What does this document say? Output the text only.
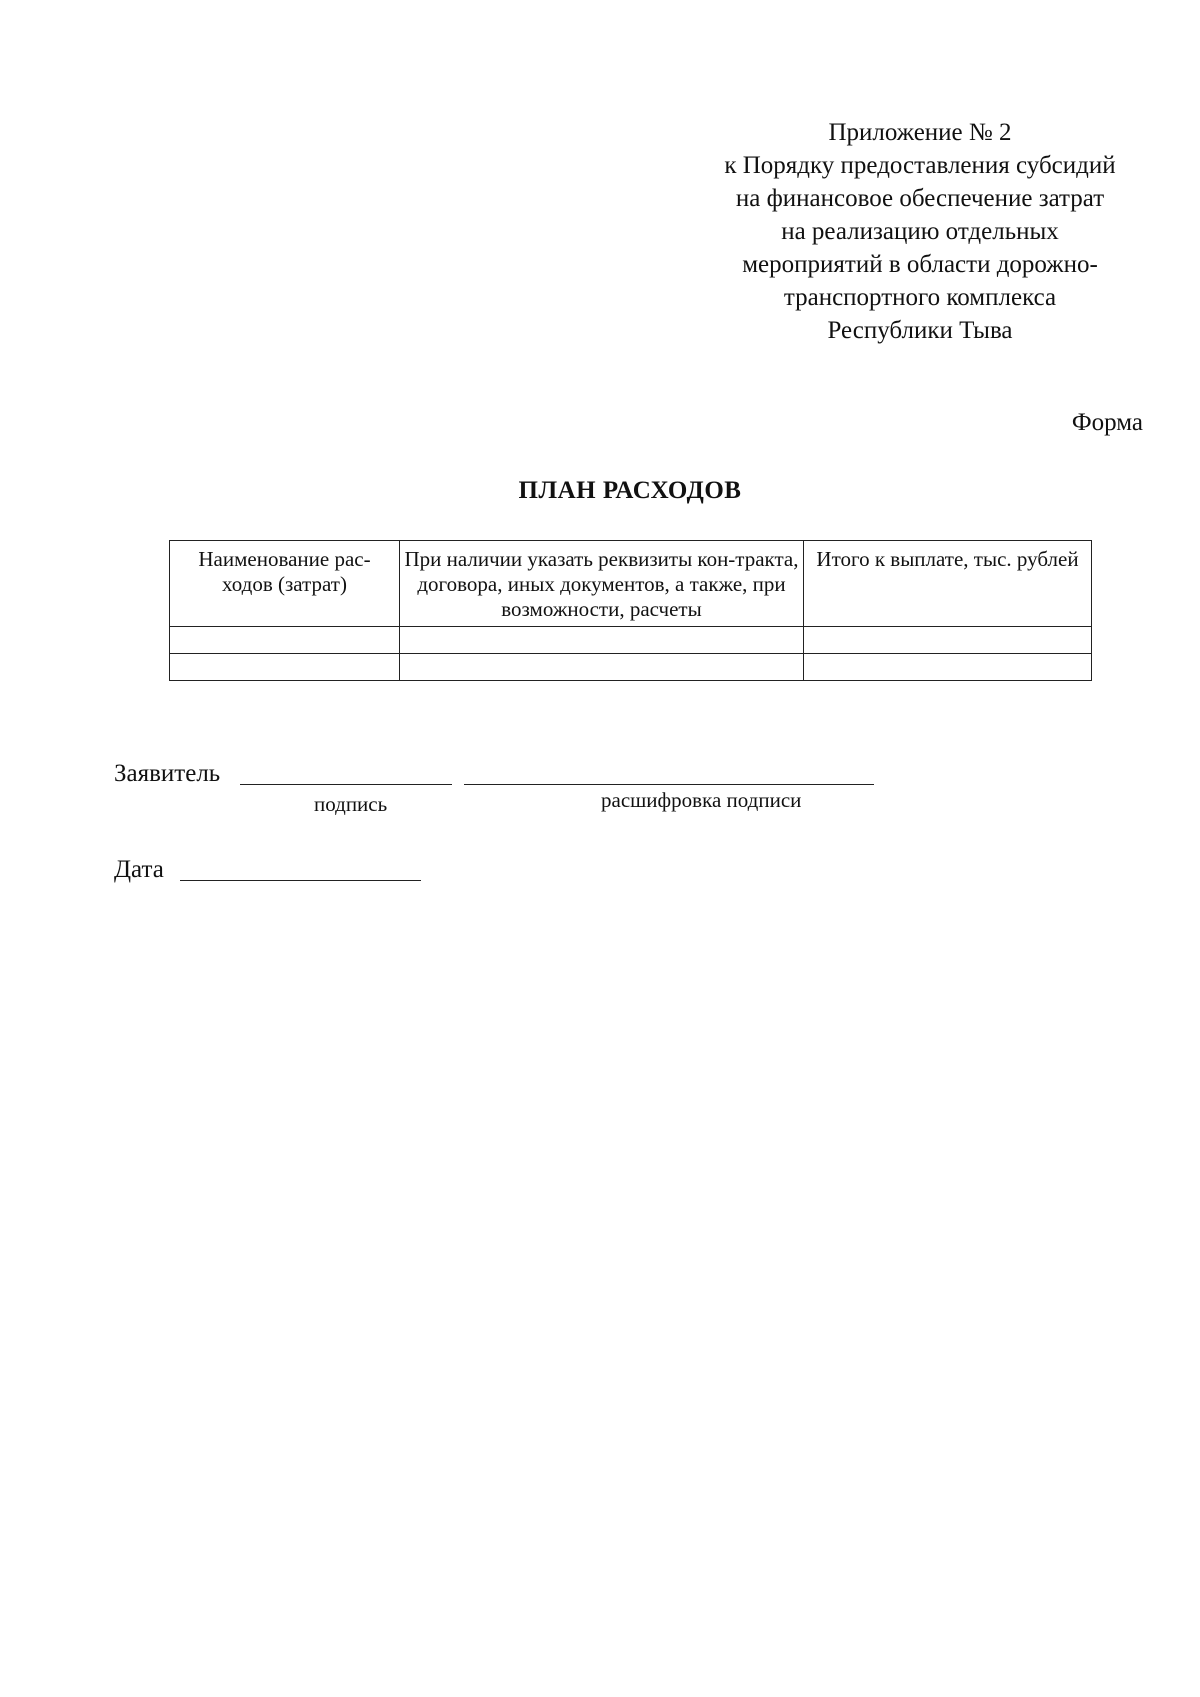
Приложение № 2
к Порядку предоставления субсидий
на финансовое обеспечение затрат
на реализацию отдельных
мероприятий в области дорожно-
транспортного комплекса
Республики Тыва
Форма
ПЛАН РАСХОДОВ
Наименование рас-ходов (затрат)	При наличии указать реквизиты кон-тракта, договора, иных документов, а также, при возможности, расчеты	Итого к выплате, тыс. рублей

Заявитель
подпись	расшифровка подписи
Дата
